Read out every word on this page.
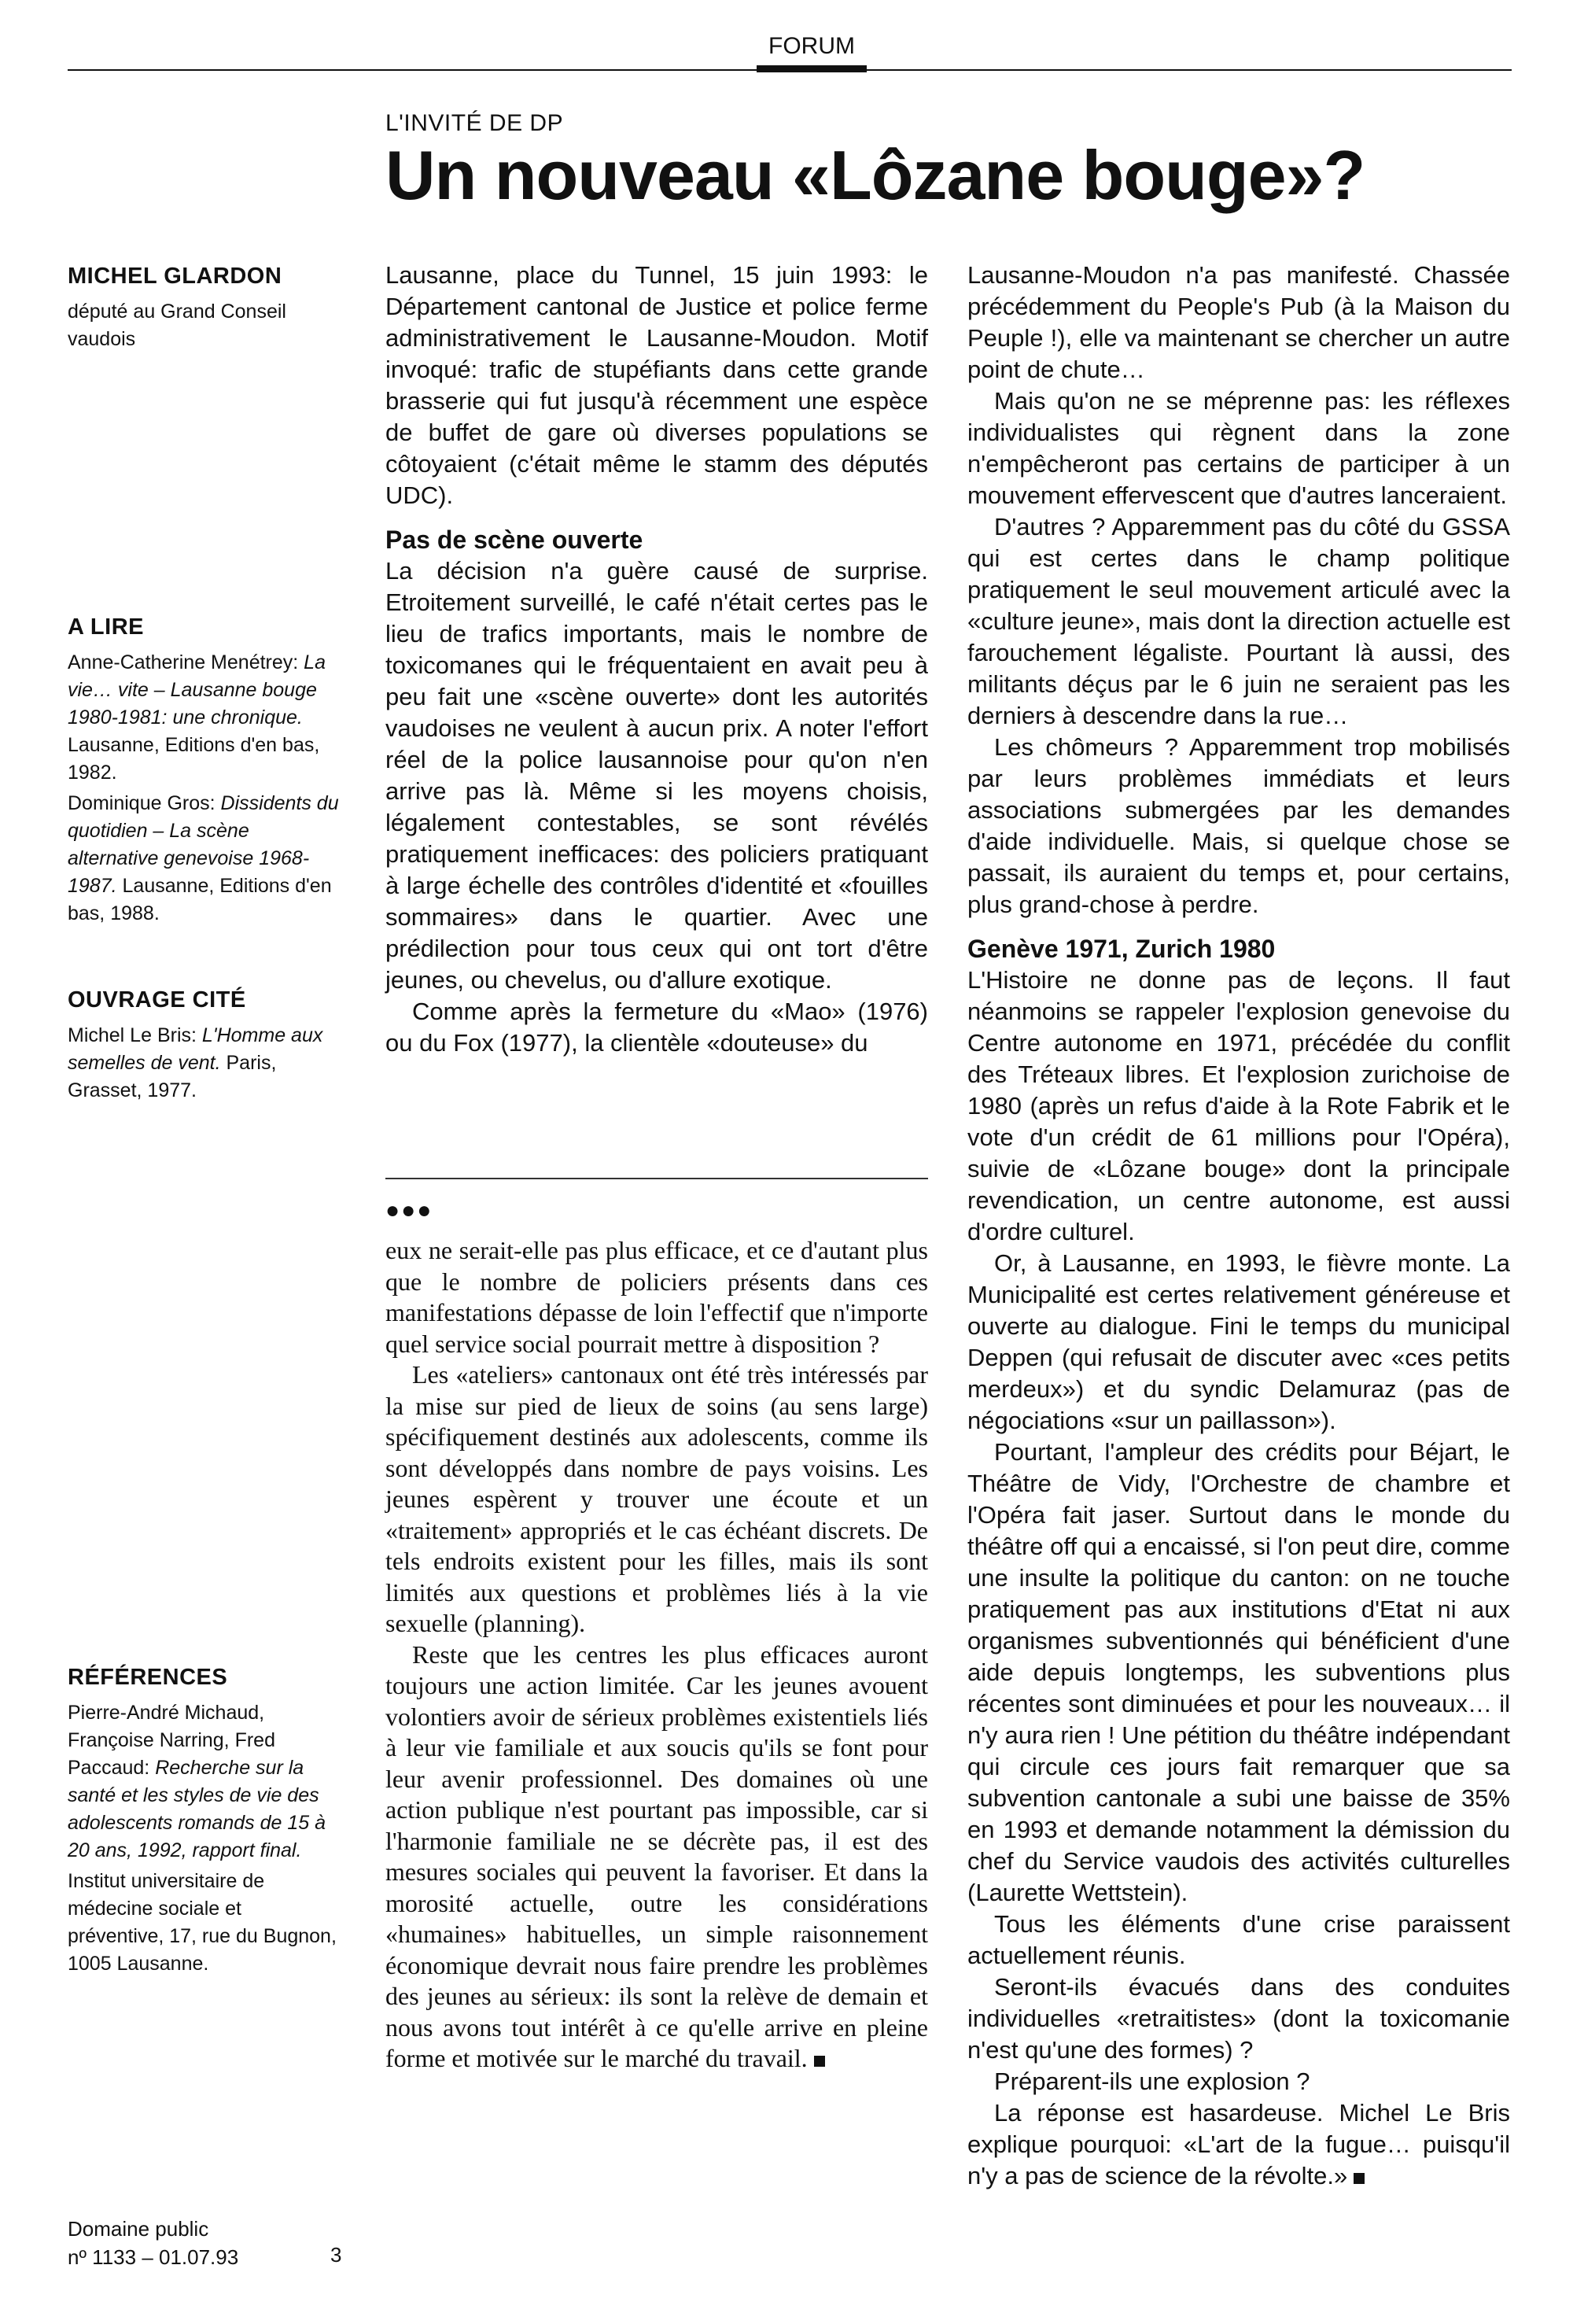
FORUM
L'INVITÉ DE DP
Un nouveau «Lôzane bouge»?
MICHEL GLARDON

député au Grand Conseil vaudois

A LIRE

Anne-Catherine Menétrey: La vie… vite – Lausanne bouge 1980-1981: une chronique. Lausanne, Editions d'en bas, 1982.

Dominique Gros: Dissidents du quotidien – La scène alternative genevoise 1968-1987. Lausanne, Editions d'en bas, 1988.

OUVRAGE CITÉ

Michel Le Bris: L'Homme aux semelles de vent. Paris, Grasset, 1977.

RÉFÉRENCES

Pierre-André Michaud, Françoise Narring, Fred Paccaud: Recherche sur la santé et les styles de vie des adolescents romands de 15 à 20 ans, 1992, rapport final.

Institut universitaire de médecine sociale et préventive, 17, rue du Bugnon, 1005 Lausanne.

Domaine public
nº 1133 – 01.07.93	3

Lausanne, place du Tunnel, 15 juin 1993: le Département cantonal de Justice et police ferme administrativement le Lausanne-Moudon. Motif invoqué: trafic de stupéfiants dans cette grande brasserie qui fut jusqu'à récemment une espèce de buffet de gare où diverses populations se côtoyaient (c'était même le stamm des députés UDC).

Pas de scène ouverte

La décision n'a guère causé de surprise. Etroitement surveillé, le café n'était certes pas le lieu de trafics importants, mais le nombre de toxicomanes qui le fréquentaient en avait peu à peu fait une «scène ouverte» dont les autorités vaudoises ne veulent à aucun prix. A noter l'effort réel de la police lausannoise pour qu'on n'en arrive pas là. Même si les moyens choisis, légalement contestables, se sont révélés pratiquement inefficaces: des policiers pratiquant à large échelle des contrôles d'identité et «fouilles sommaires» dans le quartier. Avec une prédilection pour tous ceux qui ont tort d'être jeunes, ou chevelus, ou d'allure exotique.

Comme après la fermeture du «Mao» (1976) ou du Fox (1977), la clientèle «douteuse» du

●●●

eux ne serait-elle pas plus efficace, et ce d'autant plus que le nombre de policiers présents dans ces manifestations dépasse de loin l'effectif que n'importe quel service social pourrait mettre à disposition ?

Les «ateliers» cantonaux ont été très intéressés par la mise sur pied de lieux de soins (au sens large) spécifiquement destinés aux adolescents, comme ils sont développés dans nombre de pays voisins. Les jeunes espèrent y trouver une écoute et un «traitement» appropriés et le cas échéant discrets. De tels endroits existent pour les filles, mais ils sont limités aux questions et problèmes liés à la vie sexuelle (planning).

Reste que les centres les plus efficaces auront toujours une action limitée. Car les jeunes avouent volontiers avoir de sérieux problèmes existentiels liés à leur vie familiale et aux soucis qu'ils se font pour leur avenir professionnel. Des domaines où une action publique n'est pourtant pas impossible, car si l'harmonie familiale ne se décrète pas, il est des mesures sociales qui peuvent la favoriser. Et dans la morosité actuelle, outre les considérations «humaines» habituelles, un simple raisonnement économique devrait nous faire prendre les problèmes des jeunes au sérieux: ils sont la relève de demain et nous avons tout intérêt à ce qu'elle arrive en pleine forme et motivée sur le marché du travail.

Lausanne-Moudon n'a pas manifesté. Chassée précédemment du People's Pub (à la Maison du Peuple !), elle va maintenant se chercher un autre point de chute…

Mais qu'on ne se méprenne pas: les réflexes individualistes qui règnent dans la zone n'empêcheront pas certains de participer à un mouvement effervescent que d'autres lanceraient.

D'autres ? Apparemment pas du côté du GSSA qui est certes dans le champ politique pratiquement le seul mouvement articulé avec la «culture jeune», mais dont la direction actuelle est farouchement légaliste. Pourtant là aussi, des militants déçus par le 6 juin ne seraient pas les derniers à descendre dans la rue…

Les chômeurs ? Apparemment trop mobilisés par leurs problèmes immédiats et leurs associations submergées par les demandes d'aide individuelle. Mais, si quelque chose se passait, ils auraient du temps et, pour certains, plus grand-chose à perdre.

Genève 1971, Zurich 1980

L'Histoire ne donne pas de leçons. Il faut néanmoins se rappeler l'explosion genevoise du Centre autonome en 1971, précédée du conflit des Tréteaux libres. Et l'explosion zurichoise de 1980 (après un refus d'aide à la Rote Fabrik et le vote d'un crédit de 61 millions pour l'Opéra), suivie de «Lôzane bouge» dont la principale revendication, un centre autonome, est aussi d'ordre culturel.

Or, à Lausanne, en 1993, le fièvre monte. La Municipalité est certes relativement généreuse et ouverte au dialogue. Fini le temps du municipal Deppen (qui refusait de discuter avec «ces petits merdeux») et du syndic Delamuraz (pas de négociations «sur un paillasson»).

Pourtant, l'ampleur des crédits pour Béjart, le Théâtre de Vidy, l'Orchestre de chambre et l'Opéra fait jaser. Surtout dans le monde du théâtre off qui a encaissé, si l'on peut dire, comme une insulte la politique du canton: on ne touche pratiquement pas aux institutions d'Etat ni aux organismes subventionnés qui bénéficient d'une aide depuis longtemps, les subventions plus récentes sont diminuées et pour les nouveaux… il n'y aura rien ! Une pétition du théâtre indépendant qui circule ces jours fait remarquer que sa subvention cantonale a subi une baisse de 35% en 1993 et demande notamment la démission du chef du Service vaudois des activités culturelles (Laurette Wettstein).

Tous les éléments d'une crise paraissent actuellement réunis.

Seront-ils évacués dans des conduites individuelles «retraitistes» (dont la toxicomanie n'est qu'une des formes) ?

Préparent-ils une explosion ?

La réponse est hasardeuse. Michel Le Bris explique pourquoi: «L'art de la fugue… puisqu'il n'y a pas de science de la révolte.»
